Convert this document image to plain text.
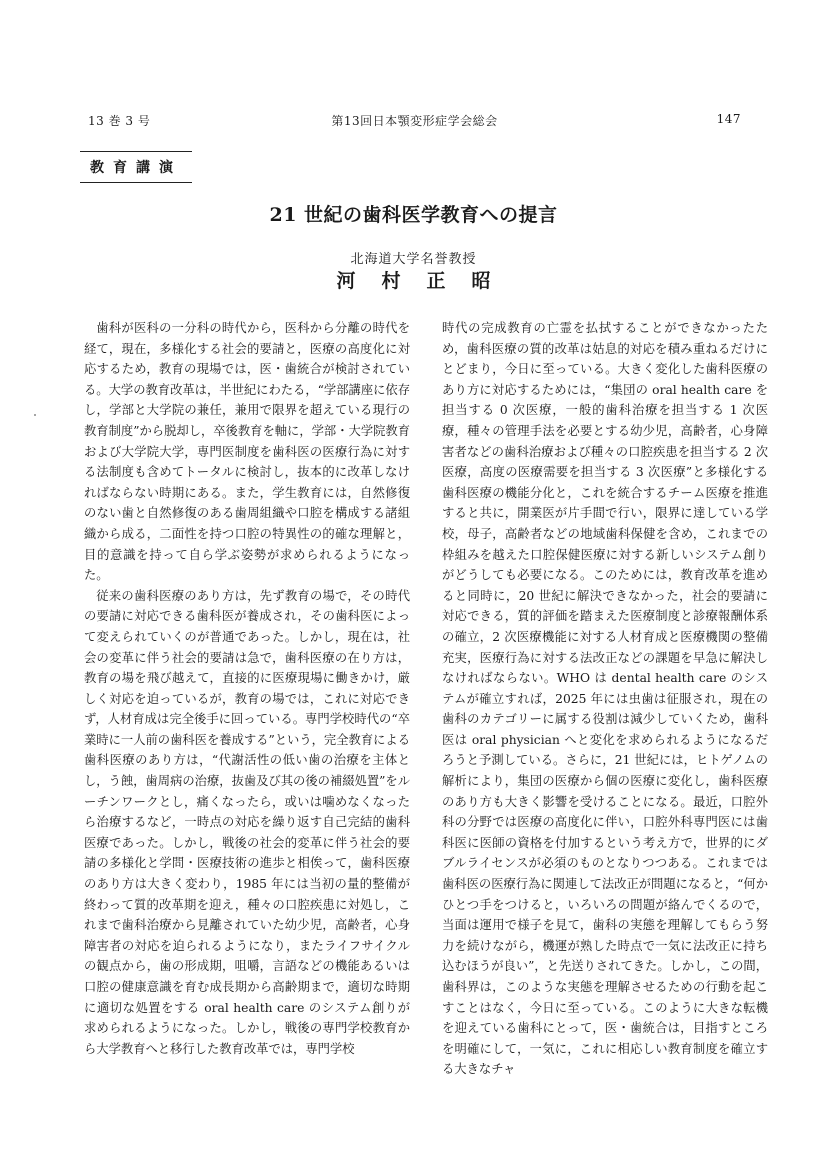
13 巻 3 号	第13回日本顎変形症学会総会	147
教育講演
21 世紀の歯科医学教育への提言
北海道大学名誉教授
河村正昭

歯科が医科の一分科の時代から，医科から分離の時代を経て，現在，多様化する社会的要請と，医療の高度化に対応するため，教育の現場では，医・歯統合が検討されている。大学の教育改革は，半世紀にわたる，“学部講座に依存し，学部と大学院の兼任，兼用で限界を超えている現行の教育制度”から脱却し，卒後教育を軸に，学部・大学院教育および大学院大学，専門医制度を歯科医の医療行為に対する法制度も含めてトータルに検討し，抜本的に改革しなければならない時期にある。また，学生教育には，自然修復のない歯と自然修復のある歯周組織や口腔を構成する諸組織から成る，二面性を持つ口腔の特異性の的確な理解と，目的意識を持って自ら学ぶ姿勢が求められるようになった。

従来の歯科医療のあり方は，先ず教育の場で，その時代の要請に対応できる歯科医が養成され，その歯科医によって変えられていくのが普通であった。しかし，現在は，社会の変革に伴う社会的要請は急で，歯科医療の在り方は，教育の場を飛び越えて，直接的に医療現場に働きかけ，厳しく対応を迫っているが，教育の場では，これに対応できず，人材育成は完全後手に回っている。専門学校時代の“卒業時に一人前の歯科医を養成する”という，完全教育による歯科医療のあり方は，“代謝活性の低い歯の治療を主体とし，う蝕，歯周病の治療，抜歯及び其の後の補綴処置”をルーチンワークとし，痛くなったら，或いは噛めなくなったら治療するなど，一時点の対応を繰り返す自己完結的歯科医療であった。しかし，戦後の社会的変革に伴う社会的要請の多様化と学問・医療技術の進歩と相俟って，歯科医療のあり方は大きく変わり，1985 年には当初の量的整備が終わって質的改革期を迎え，種々の口腔疾患に対処し，これまで歯科治療から見離されていた幼少児，高齢者，心身障害者の対応を迫られるようになり，またライフサイクルの観点から，歯の形成期，咀嚼，言語などの機能あるいは口腔の健康意識を育む成長期から高齢期まで，適切な時期に適切な処置をする oral health care のシステム創りが求められるようになった。しかし，戦後の専門学校教育から大学教育へと移行した教育改革では，専門学校

時代の完成教育の亡霊を払拭することができなかったため，歯科医療の質的改革は姑息的対応を積み重ねるだけにとどまり，今日に至っている。大きく変化した歯科医療のあり方に対応するためには，“集団の oral health care を担当する 0 次医療，一般的歯科治療を担当する 1 次医療，種々の管理手法を必要とする幼少児，高齢者，心身障害者などの歯科治療および種々の口腔疾患を担当する 2 次医療，高度の医療需要を担当する 3 次医療”と多様化する歯科医療の機能分化と，これを統合するチーム医療を推進すると共に，開業医が片手間で行い，限界に達している学校，母子，高齢者などの地域歯科保健を含め，これまでの枠組みを越えた口腔保健医療に対する新しいシステム創りがどうしても必要になる。このためには，教育改革を進めると同時に，20 世紀に解決できなかった，社会的要請に対応できる，質的評価を踏まえた医療制度と診療報酬体系の確立，2 次医療機能に対する人材育成と医療機関の整備充実，医療行為に対する法改正などの課題を早急に解決しなければならない。WHO は dental health care のシステムが確立すれば，2025 年には虫歯は征服され，現在の歯科のカテゴリーに属する役割は減少していくため，歯科医は oral physician へと変化を求められるようになるだろうと予測している。さらに，21 世紀には，ヒトゲノムの解析により，集団の医療から個の医療に変化し，歯科医療のあり方も大きく影響を受けることになる。最近，口腔外科の分野では医療の高度化に伴い，口腔外科専門医には歯科医に医師の資格を付加するという考え方で，世界的にダブルライセンスが必須のものとなりつつある。これまでは歯科医の医療行為に関連して法改正が問題になると，“何かひとつ手をつけると，いろいろの問題が絡んでくるので，当面は運用で様子を見て，歯科の実態を理解してもらう努力を続けながら，機運が熟した時点で一気に法改正に持ち込むほうが良い”，と先送りされてきた。しかし，この間，歯科界は，このような実態を理解させるための行動を起こすことはなく，今日に至っている。このように大きな転機を迎えている歯科にとって，医・歯統合は，目指すところを明確にして，一気に，これに相応しい教育制度を確立する大きなチャ
